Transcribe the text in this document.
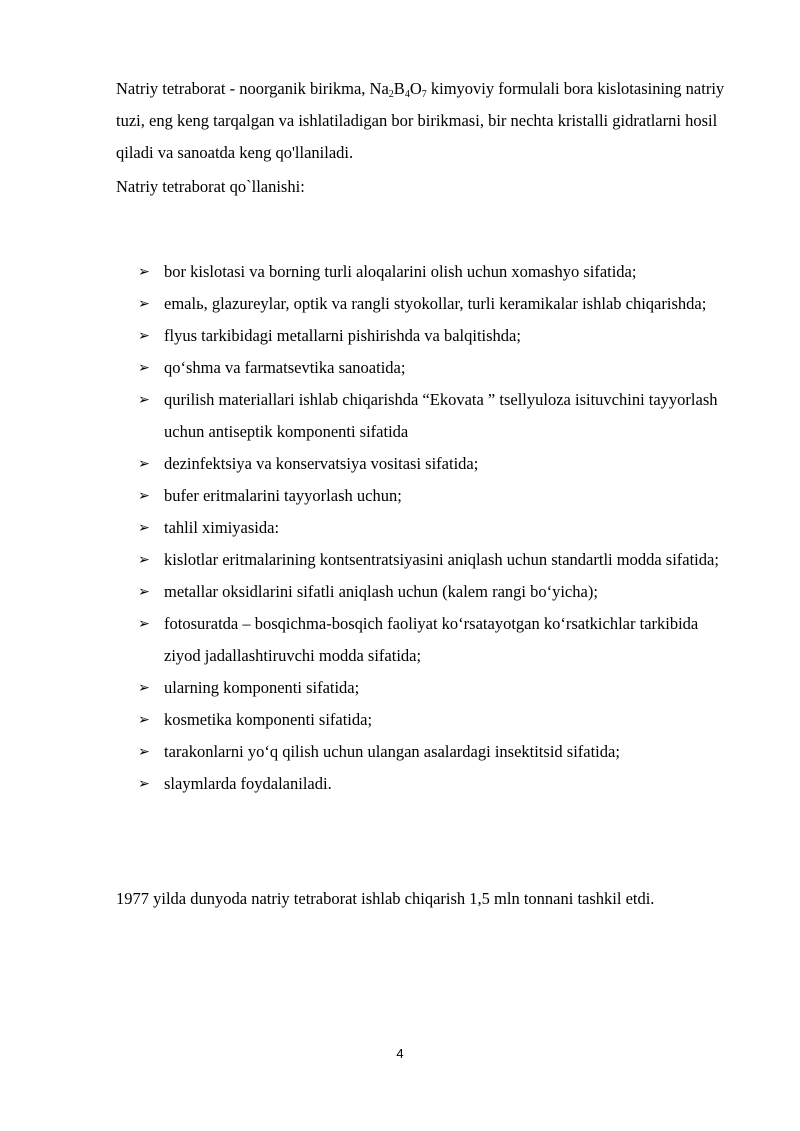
Natriy tetraborat - noorganik birikma, $Na_2B_4O_7$ kimyoviy formulali bora kislotasining natriy tuzi, eng keng tarqalgan va ishlatiladigan bor birikmasi, bir nechta kristalli gidratlarni hosil qiladi va sanoatda keng qo'llaniladi.

Natriy tetraborat qo`llanishi:

➢ bor kislotasi va borning turli aloqalarini olish uchun xomashyo sifatida;
➢ emalь, glazureylar, optik va rangli styokollar, turli keramikalar ishlab chiqarishda;
➢ flyus tarkibidagi metallarni pishirishda va balqitishda;
➢ qo‘shma va farmatsevtika sanoatida;
➢ qurilish materiallari ishlab chiqarishda “Ekovata ” tsellyuloza isituvchini tayyorlash uchun antiseptik komponenti sifatida
➢ dezinfektsiya va konservatsiya vositasi sifatida;
➢ bufer eritmalarini tayyorlash uchun;
➢ tahlil ximiyasida:
➢ kislotlar eritmalarining kontsentratsiyasini aniqlash uchun standartli modda sifatida;
➢ metallar oksidlarini sifatli aniqlash uchun (kalem rangi bo‘yicha);
➢ fotosuratda – bosqichma-bosqich faoliyat ko‘rsatayotgan ko‘rsatkichlar tarkibida ziyod jadallashtiruvchi modda sifatida;
➢ ularning komponenti sifatida;
➢ kosmetika komponenti sifatida;
➢ tarakonlarni yo‘q qilish uchun ulangan asalardagi insektitsid sifatida;
➢ slaymlarda foydalaniladi.

1977 yilda dunyoda natriy tetraborat ishlab chiqarish 1,5 mln tonnani tashkil etdi.

4
